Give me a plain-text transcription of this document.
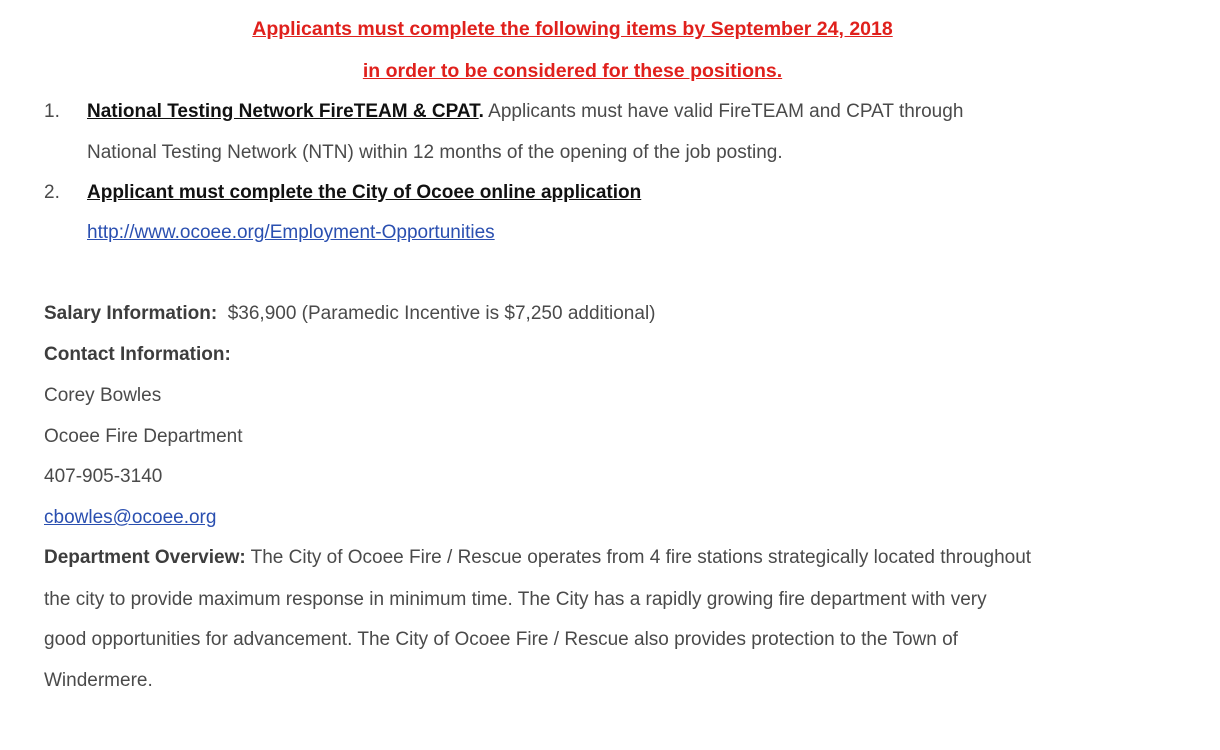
Applicants must complete the following items by September 24, 2018
in order to be considered for these positions.
1. National Testing Network FireTEAM & CPAT. Applicants must have valid FireTEAM and CPAT through
National Testing Network (NTN) within 12 months of the opening of the job posting.
2. Applicant must complete the City of Ocoee online application
http://www.ocoee.org/Employment-Opportunities
Salary Information: $36,900 (Paramedic Incentive is $7,250 additional)
Contact Information:
Corey Bowles
Ocoee Fire Department
407-905-3140
cbowles@ocoee.org
Department Overview: The City of Ocoee Fire / Rescue operates from 4 fire stations strategically located throughout
the city to provide maximum response in minimum time. The City has a rapidly growing fire department with very
good opportunities for advancement. The City of Ocoee Fire / Rescue also provides protection to the Town of
Windermere.
